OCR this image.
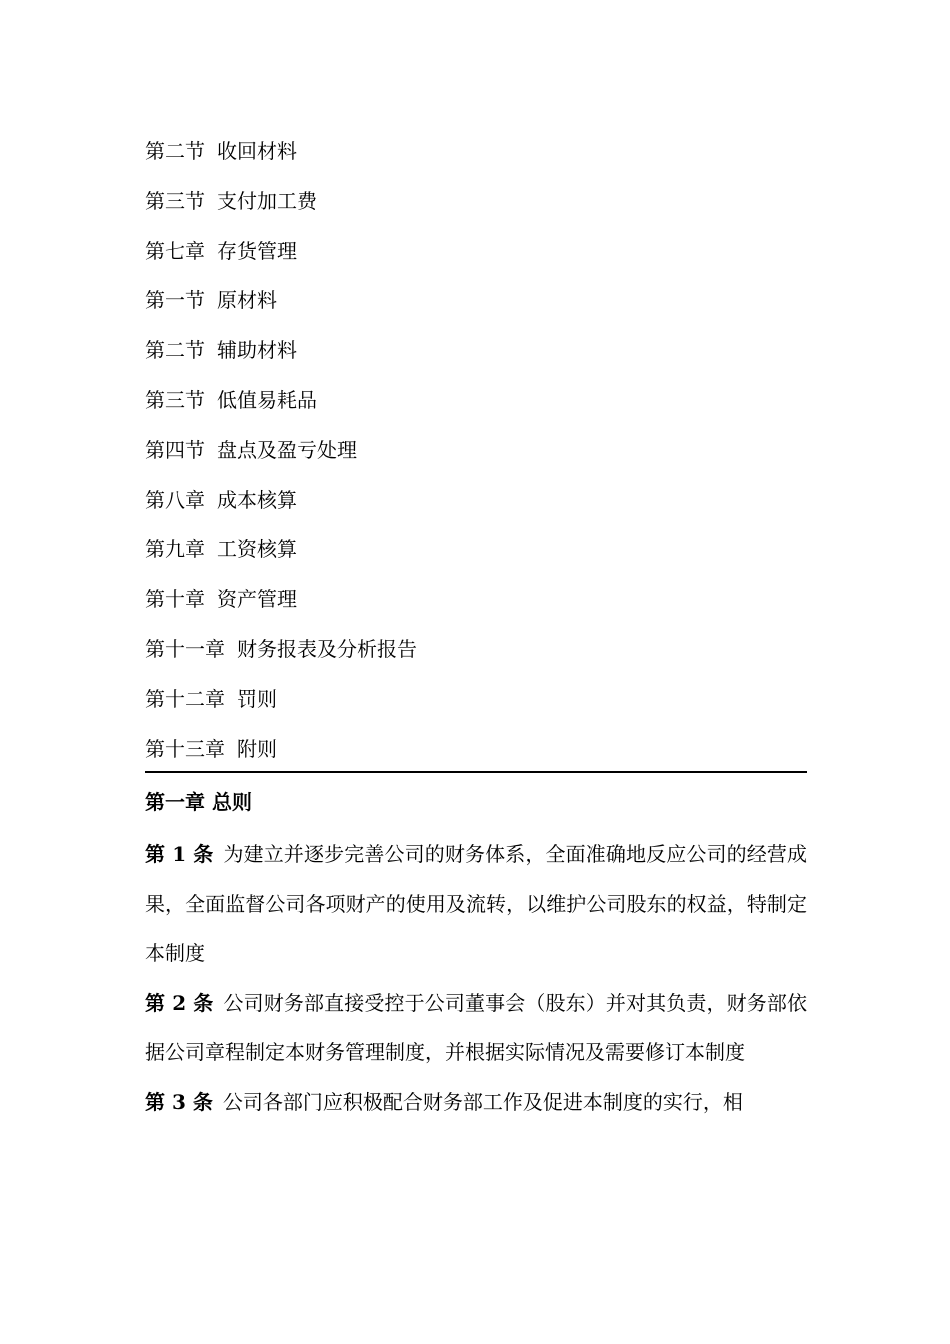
第二节 收回材料
第三节 支付加工费
第七章 存货管理
第一节 原材料
第二节 辅助材料
第三节 低值易耗品
第四节 盘点及盈亏处理
第八章 成本核算
第九章 工资核算
第十章 资产管理
第十一章 财务报表及分析报告
第十二章 罚则
第十三章 附则
第一章 总则

第 1 条 为建立并逐步完善公司的财务体系，全面准确地反应公司的经营成果，全面监督公司各项财产的使用及流转，以维护公司股东的权益，特制定本制度

第 2 条 公司财务部直接受控于公司董事会（股东）并对其负责，财务部依据公司章程制定本财务管理制度，并根据实际情况及需要修订本制度

第 3 条 公司各部门应积极配合财务部工作及促进本制度的实行，相
